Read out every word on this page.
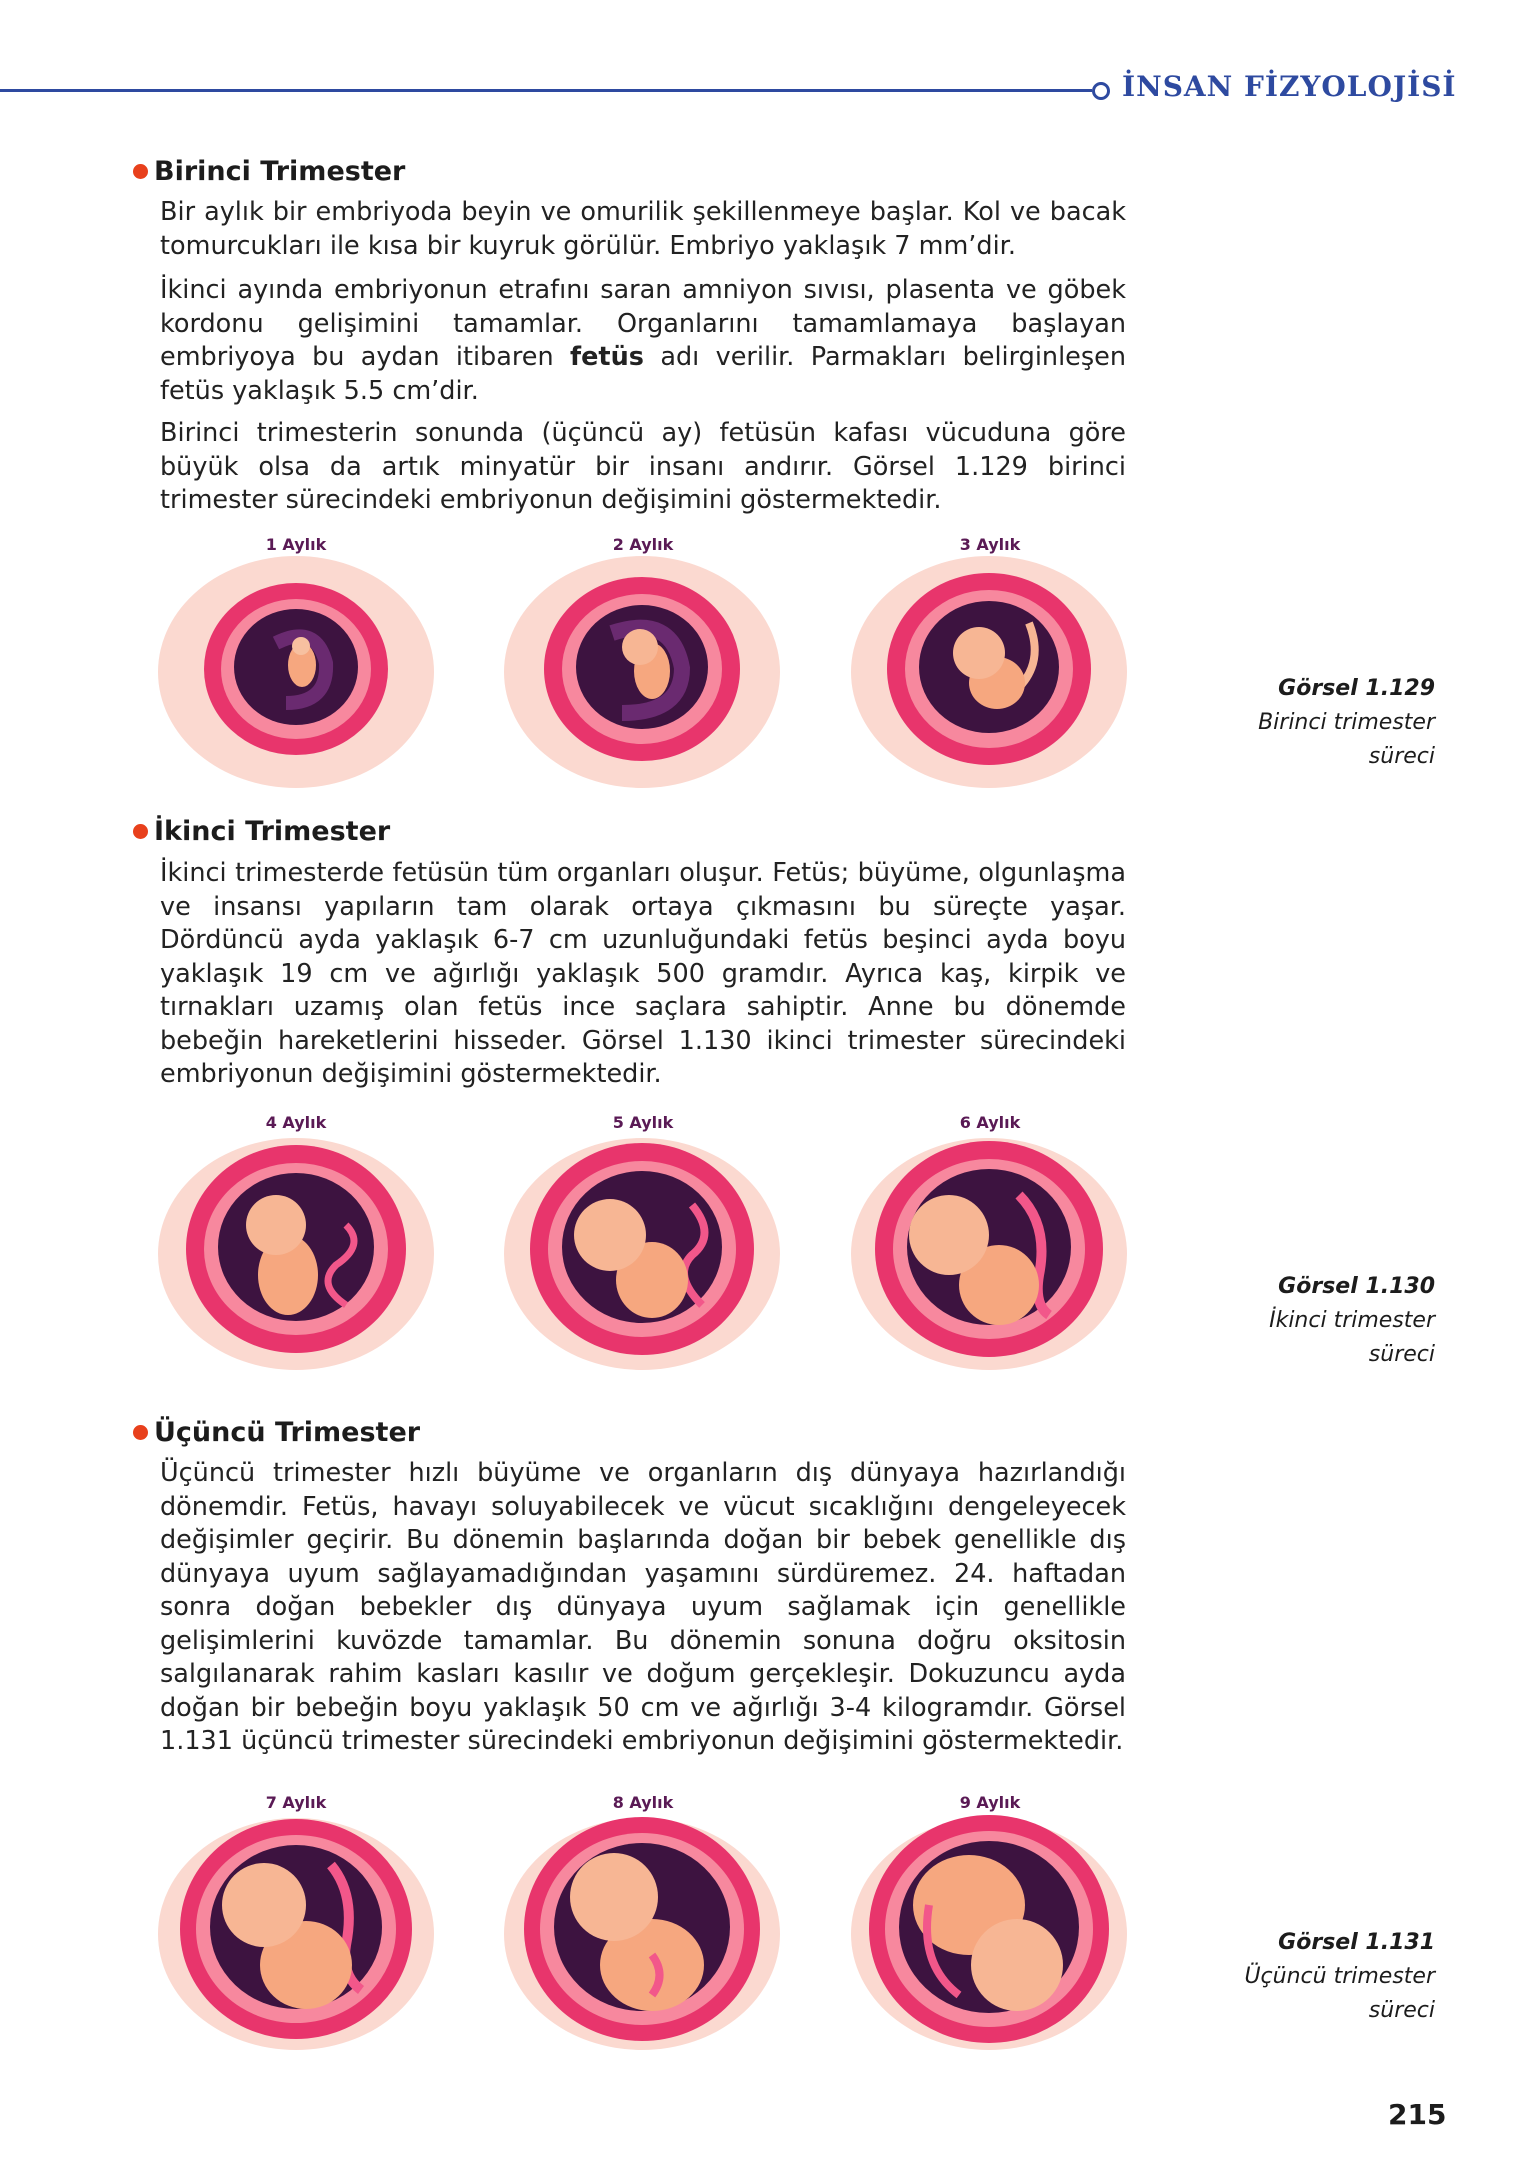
İNSAN FİZYOLOJİSİ
Birinci Trimester

Bir aylık bir embriyoda beyin ve omurilik şekillenmeye başlar. Kol ve bacak tomurcukları ile kısa bir kuyruk görülür. Embriyo yaklaşık 7 mm’dir.

İkinci ayında embriyonun etrafını saran amniyon sıvısı, plasenta ve göbek kordonu gelişimini tamamlar. Organlarını tamamlamaya başlayan embriyoya bu aydan itibaren fetüs adı verilir. Parmakları belirginleşen fetüs yaklaşık 5.5 cm’dir.

Birinci trimesterin sonunda (üçüncü ay) fetüsün kafası vücuduna göre büyük olsa da artık minyatür bir insanı andırır. Görsel 1.129 birinci trimester sürecindeki embriyonun değişimini göstermektedir.

1 Aylık	2 Aylık	3 Aylık
Görsel 1.129
Birinci trimester
süreci
İkinci Trimester

İkinci trimesterde fetüsün tüm organları oluşur. Fetüs; büyüme, olgunlaşma ve insansı yapıların tam olarak ortaya çıkmasını bu süreçte yaşar. Dördüncü ayda yaklaşık 6-7 cm uzunluğundaki fetüs beşinci ayda boyu yaklaşık 19 cm ve ağırlığı yaklaşık 500 gramdır. Ayrıca kaş, kirpik ve tırnakları uzamış olan fetüs ince saçlara sahiptir. Anne bu dönemde bebeğin hareketlerini hisseder. Görsel 1.130 ikinci trimester sürecindeki embriyonun değişimini göstermektedir.

4 Aylık	5 Aylık	6 Aylık
Görsel 1.130
İkinci trimester
süreci
Üçüncü Trimester

Üçüncü trimester hızlı büyüme ve organların dış dünyaya hazırlandığı dönemdir. Fetüs, havayı soluyabilecek ve vücut sıcaklığını dengeleyecek değişimler geçirir. Bu dönemin başlarında doğan bir bebek genellikle dış dünyaya uyum sağlayamadığından yaşamını sürdüremez. 24. haftadan sonra doğan bebekler dış dünyaya uyum sağlamak için genellikle gelişimlerini kuvözde tamamlar. Bu dönemin sonuna doğru oksitosin salgılanarak rahim kasları kasılır ve doğum gerçekleşir. Dokuzuncu ayda doğan bir bebeğin boyu yaklaşık 50 cm ve ağırlığı 3-4 kilogramdır. Görsel 1.131 üçüncü trimester sürecindeki embriyonun değişimini göstermektedir.

7 Aylık	8 Aylık	9 Aylık
Görsel 1.131
Üçüncü trimester
süreci
215
